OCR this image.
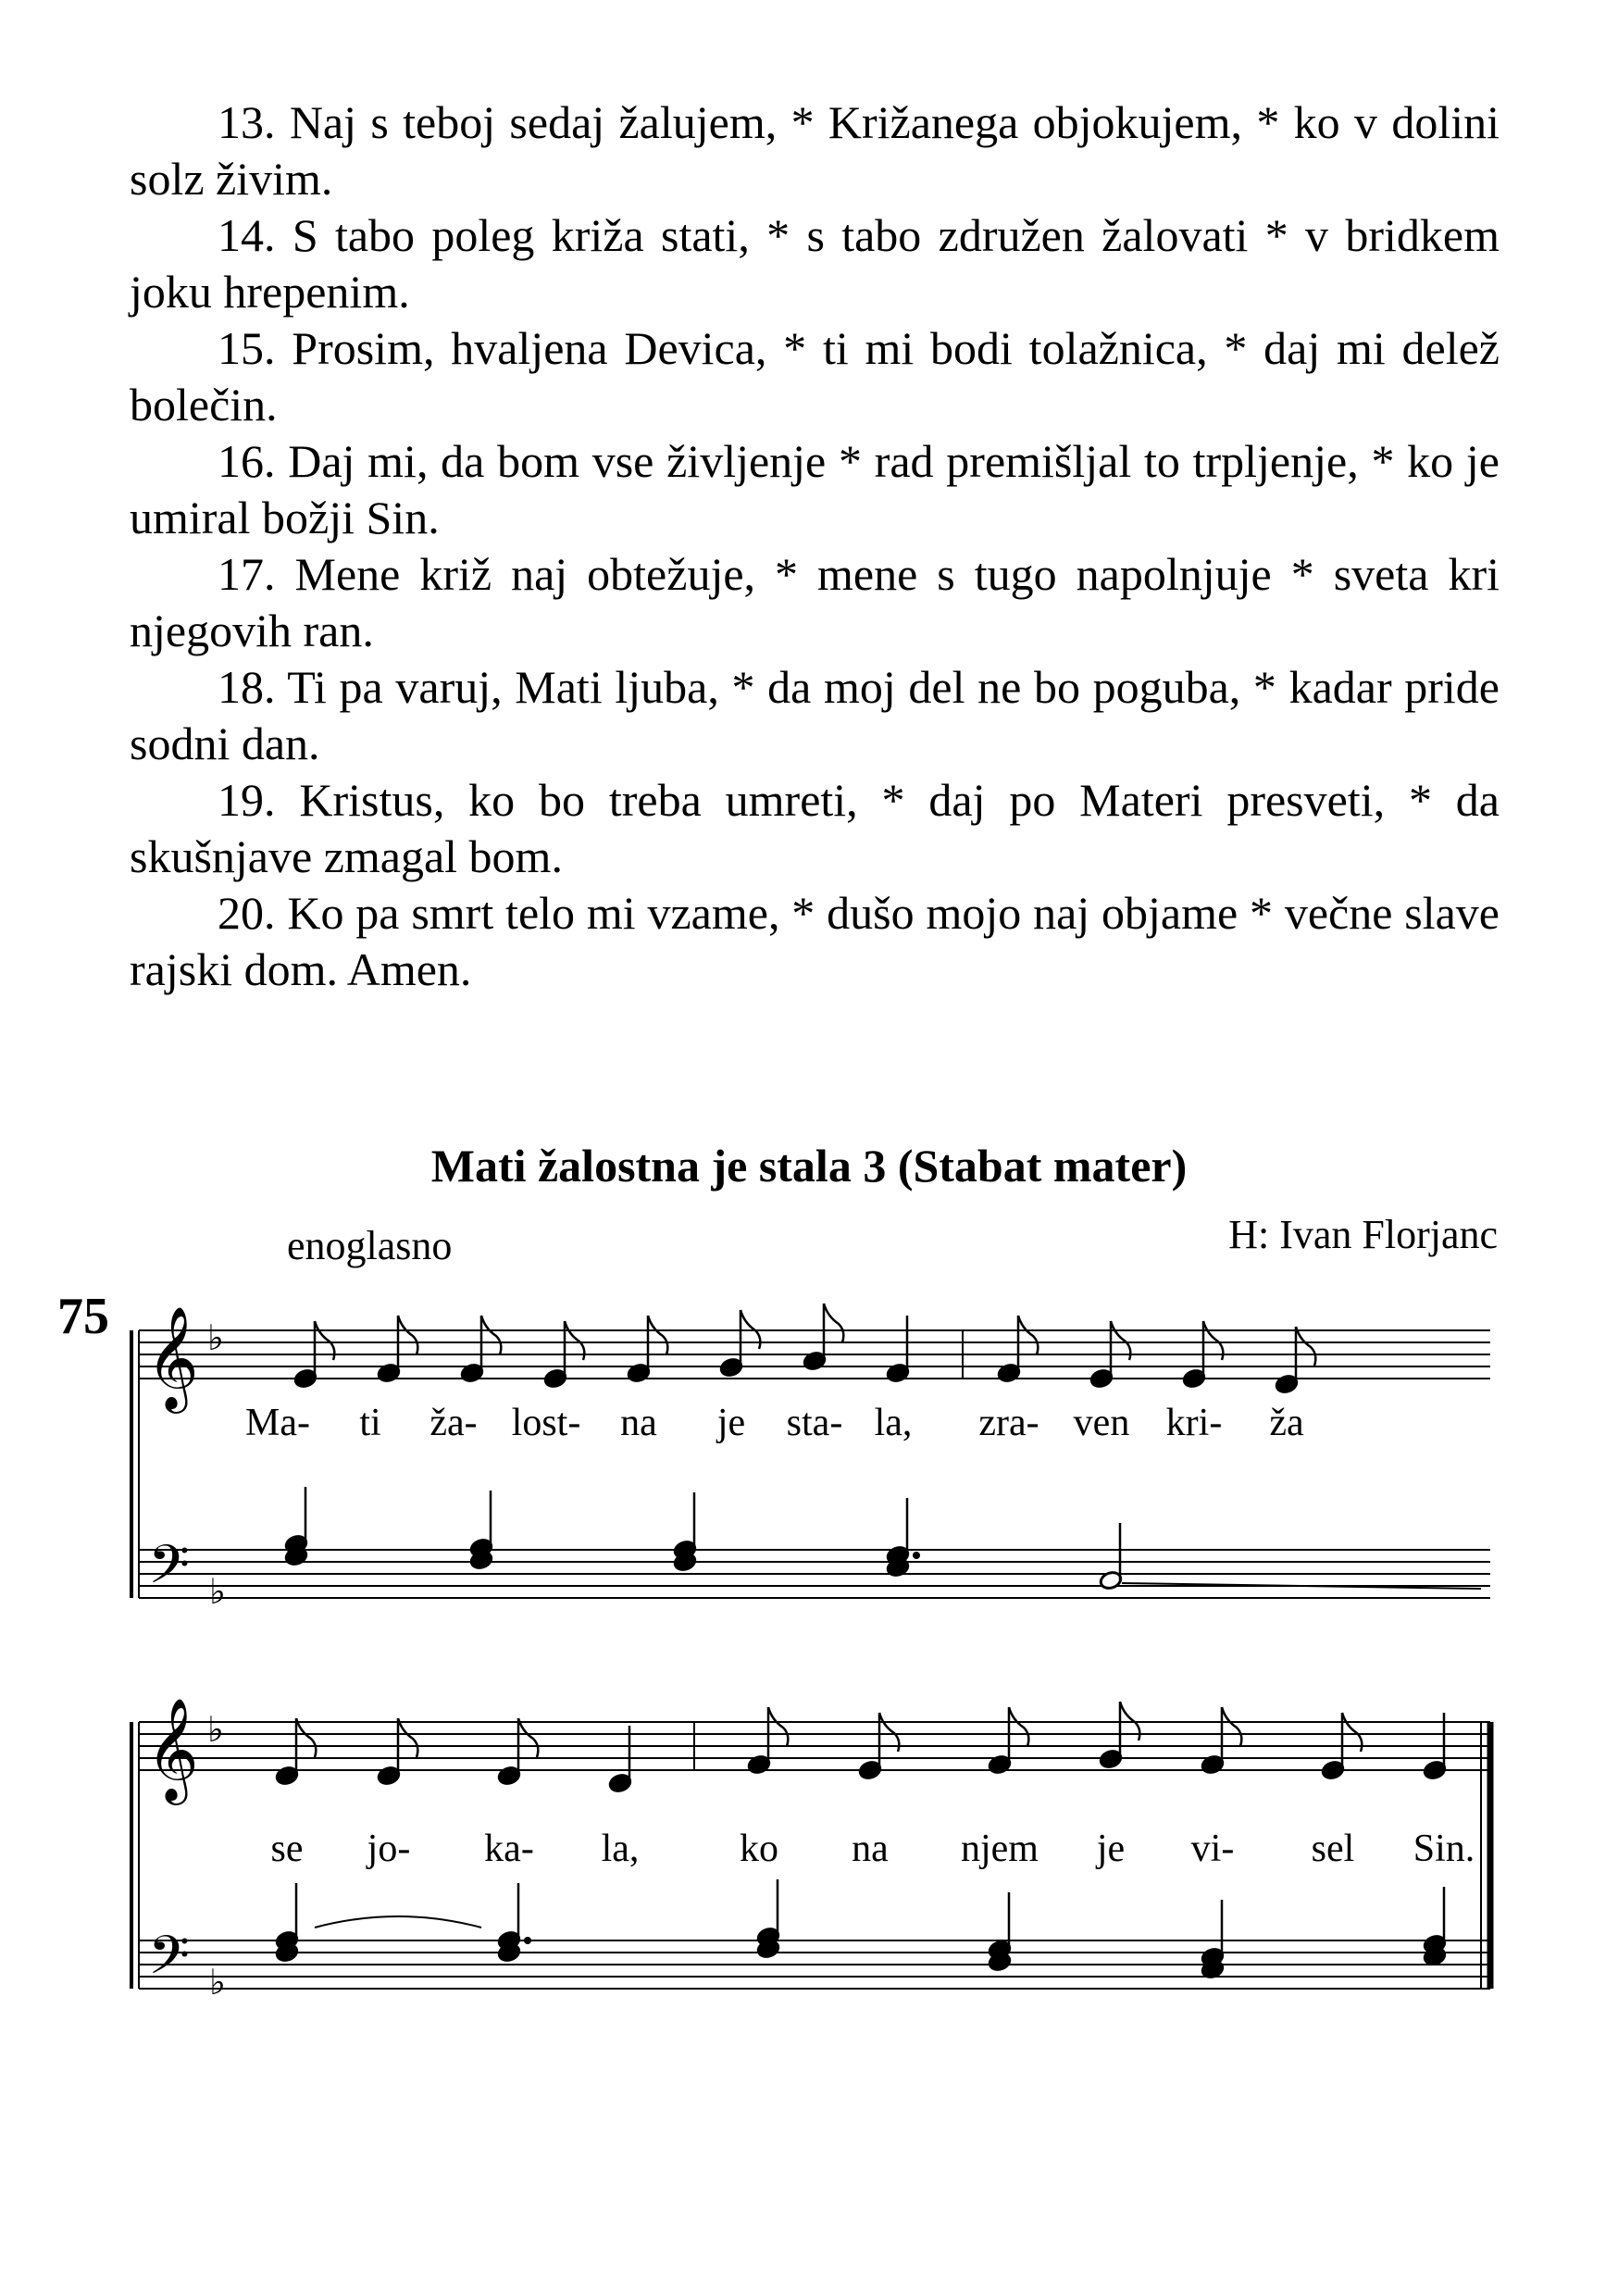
13. Naj s teboj sedaj žalujem, * Križanega objokujem, * ko v dolini solz živim.

14. S tabo poleg križa stati, * s tabo združen žalovati * v bridkem joku hrepenim.

15. Prosim, hvaljena Devica, * ti mi bodi tolažnica, * daj mi delež bolečin.

16. Daj mi, da bom vse življenje * rad premišljal to trpljenje, * ko je umiral božji Sin.

17. Mene križ naj obtežuje, * mene s tugo napolnjuje * sveta kri njegovih ran.

18. Ti pa varuj, Mati ljuba, * da moj del ne bo poguba, * kadar pride sodni dan.

19. Kristus, ko bo treba umreti, * daj po Materi presveti, * da skušnjave zmagal bom.

20. Ko pa smrt telo mi vzame, * dušo mojo naj objame * večne slave rajski dom. Amen.

Mati žalostna je stala 3 (Stabat mater)
enoglasno	H: Ivan Florjanc
75 𝄞 ♭
𝄢 ♭
Ma- ti ža- lost- na je sta- la, zra- ven kri- ža
𝄞 ♭
𝄢 ♭
se jo- ka- la,	ko na njem je vi- sel Sin.
